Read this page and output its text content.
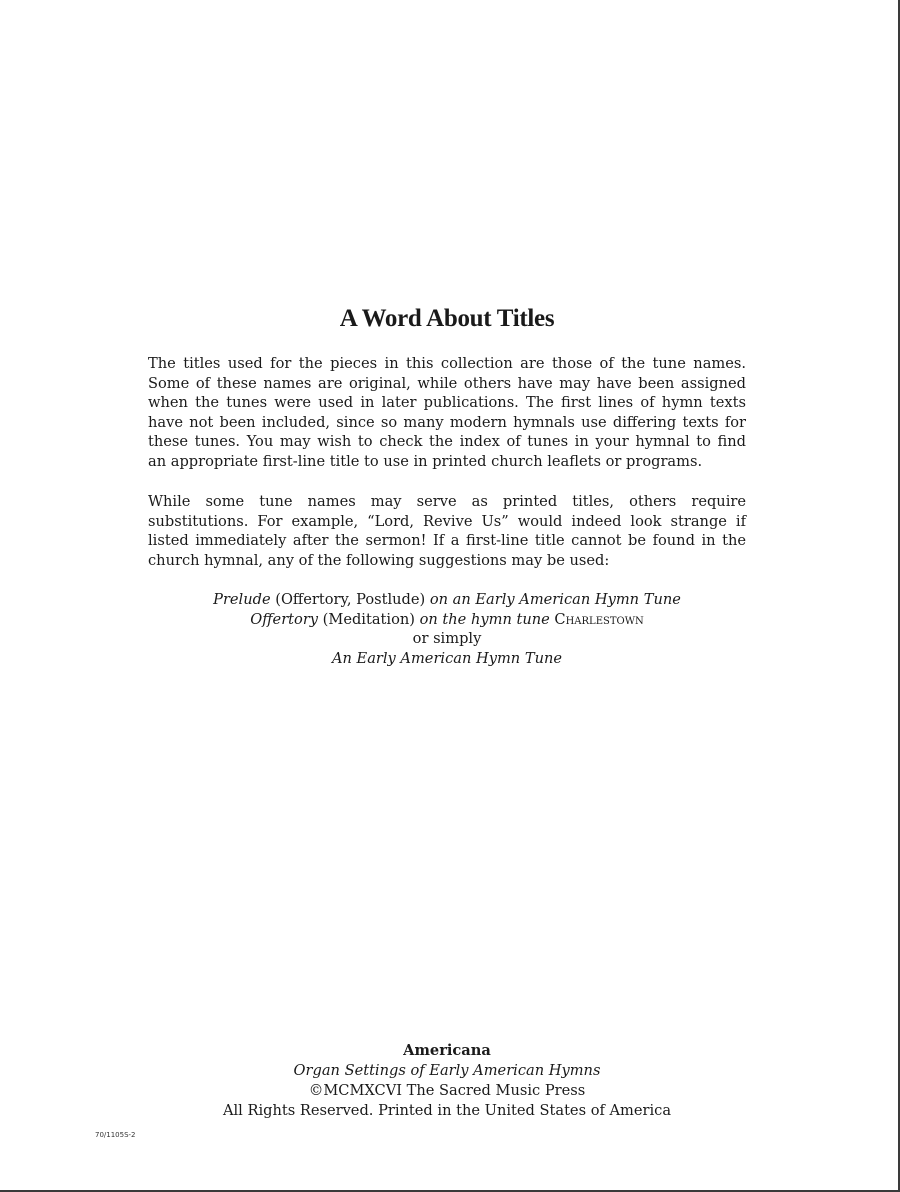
A Word About Titles
The titles used for the pieces in this collection are those of the tune names.
Some of these names are original, while others have may have been assigned
when the tunes were used in later publications. The first lines of hymn texts
have not been included, since so many modern hymnals use differing texts for
these tunes. You may wish to check the index of tunes in your hymnal to find
an appropriate first-line title to use in printed church leaflets or programs.
While some tune names may serve as printed titles, others require
substitutions. For example, “Lord, Revive Us” would indeed look strange if
listed immediately after the sermon! If a first-line title cannot be found in the
church hymnal, any of the following suggestions may be used:
Prelude (Offertory, Postlude) on an Early American Hymn Tune
Offertory (Meditation) on the hymn tune Charlestown
or simply
An Early American Hymn Tune
Americana
Organ Settings of Early American Hymns
©MCMXCVI The Sacred Music Press
All Rights Reserved. Printed in the United States of America
70/1105S-2
